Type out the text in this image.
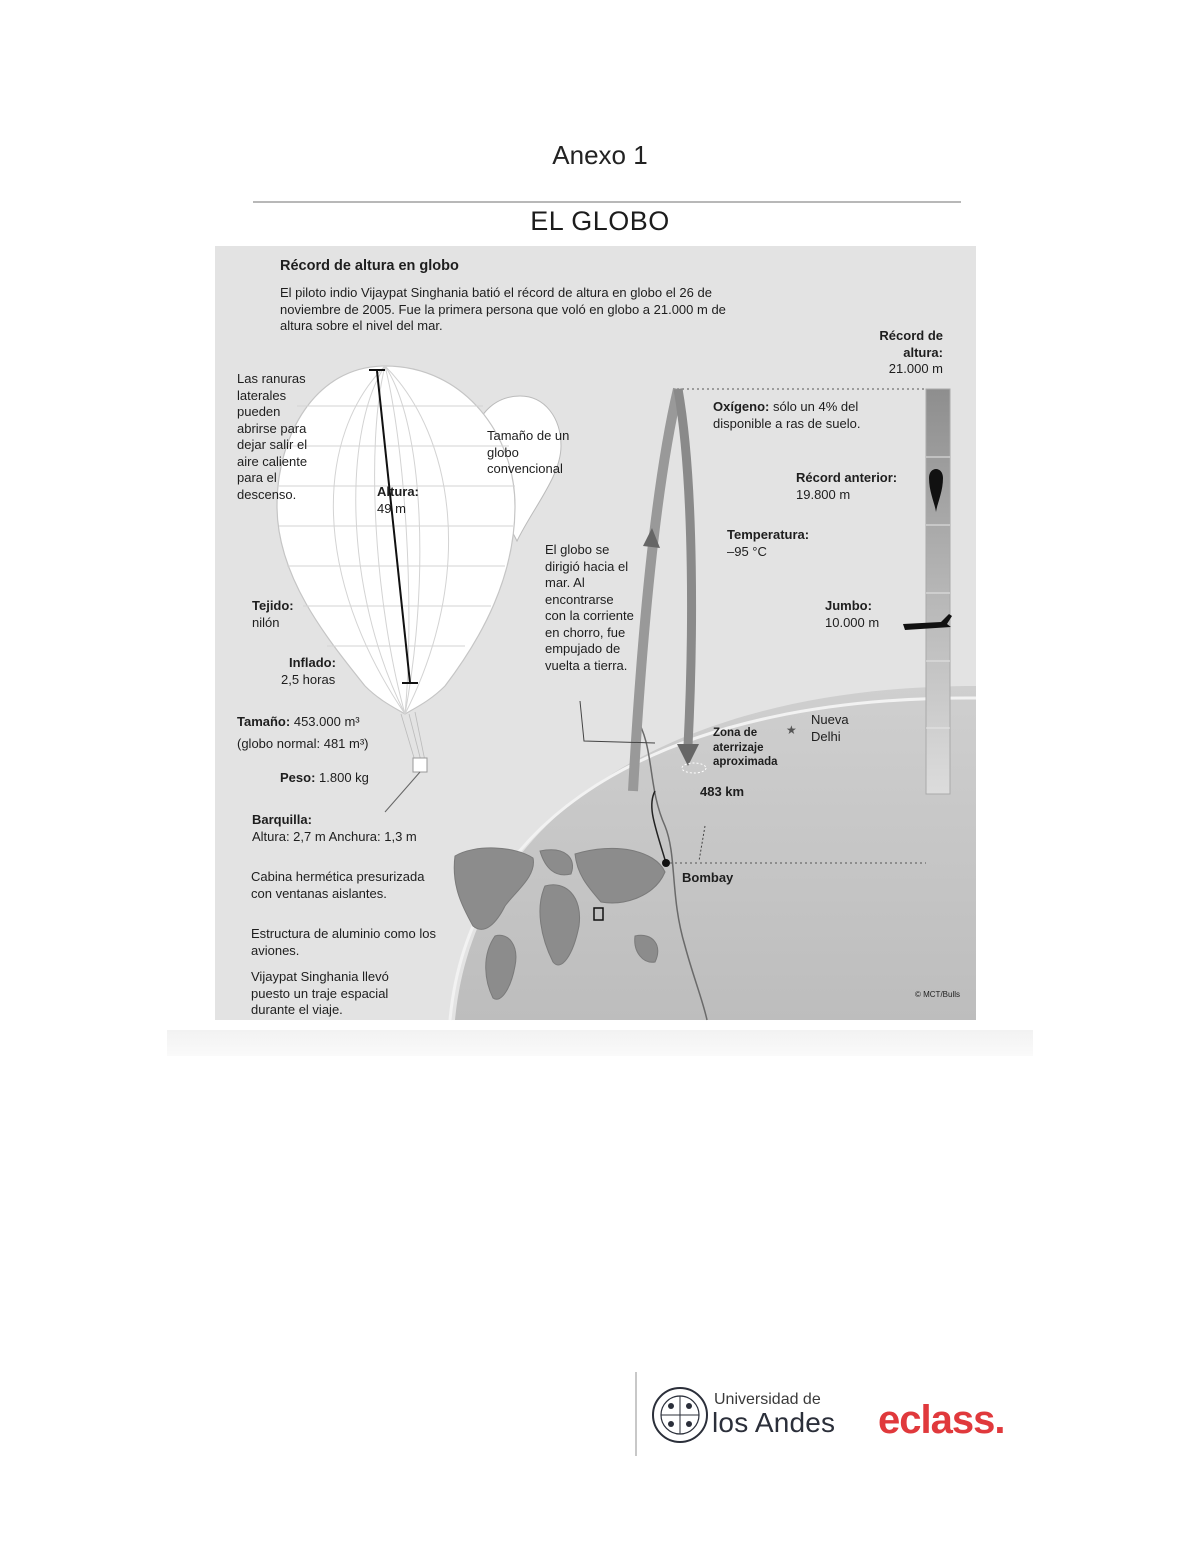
Anexo 1
EL GLOBO
★
Récord de altura en globo
El piloto indio Vijaypat Singhania batió el récord de altura en globo el 26 de noviembre de 2005. Fue la primera persona que voló en globo a 21.000 m de altura sobre el nivel del mar.
Récord de altura:
21.000 m
Las ranuras laterales pueden abrirse para dejar salir el aire caliente para el descenso.
Tamaño de un globo convencional
Altura:
49 m
Tejido:
nilón
Inflado:
2,5 horas
Tamaño: 453.000 m³
(globo normal: 481 m³)
Peso: 1.800 kg
Barquilla:
Altura: 2,7 m Anchura: 1,3 m
Cabina hermética presurizada con ventanas aislantes.
Estructura de aluminio como los aviones.
Vijaypat Singhania llevó puesto un traje espacial durante el viaje.
El globo se dirigió hacia el mar. Al encontrarse con la corriente en chorro, fue empujado de vuelta a tierra.
Oxígeno: sólo un 4% del disponible a ras de suelo.
Récord anterior:
19.800 m
Temperatura:
–95 °C
Jumbo:
10.000 m
Zona de aterrizaje aproximada
Nueva Delhi
483 km
Bombay
© MCT/Bulls
Universidad de
los Andes eclass.
